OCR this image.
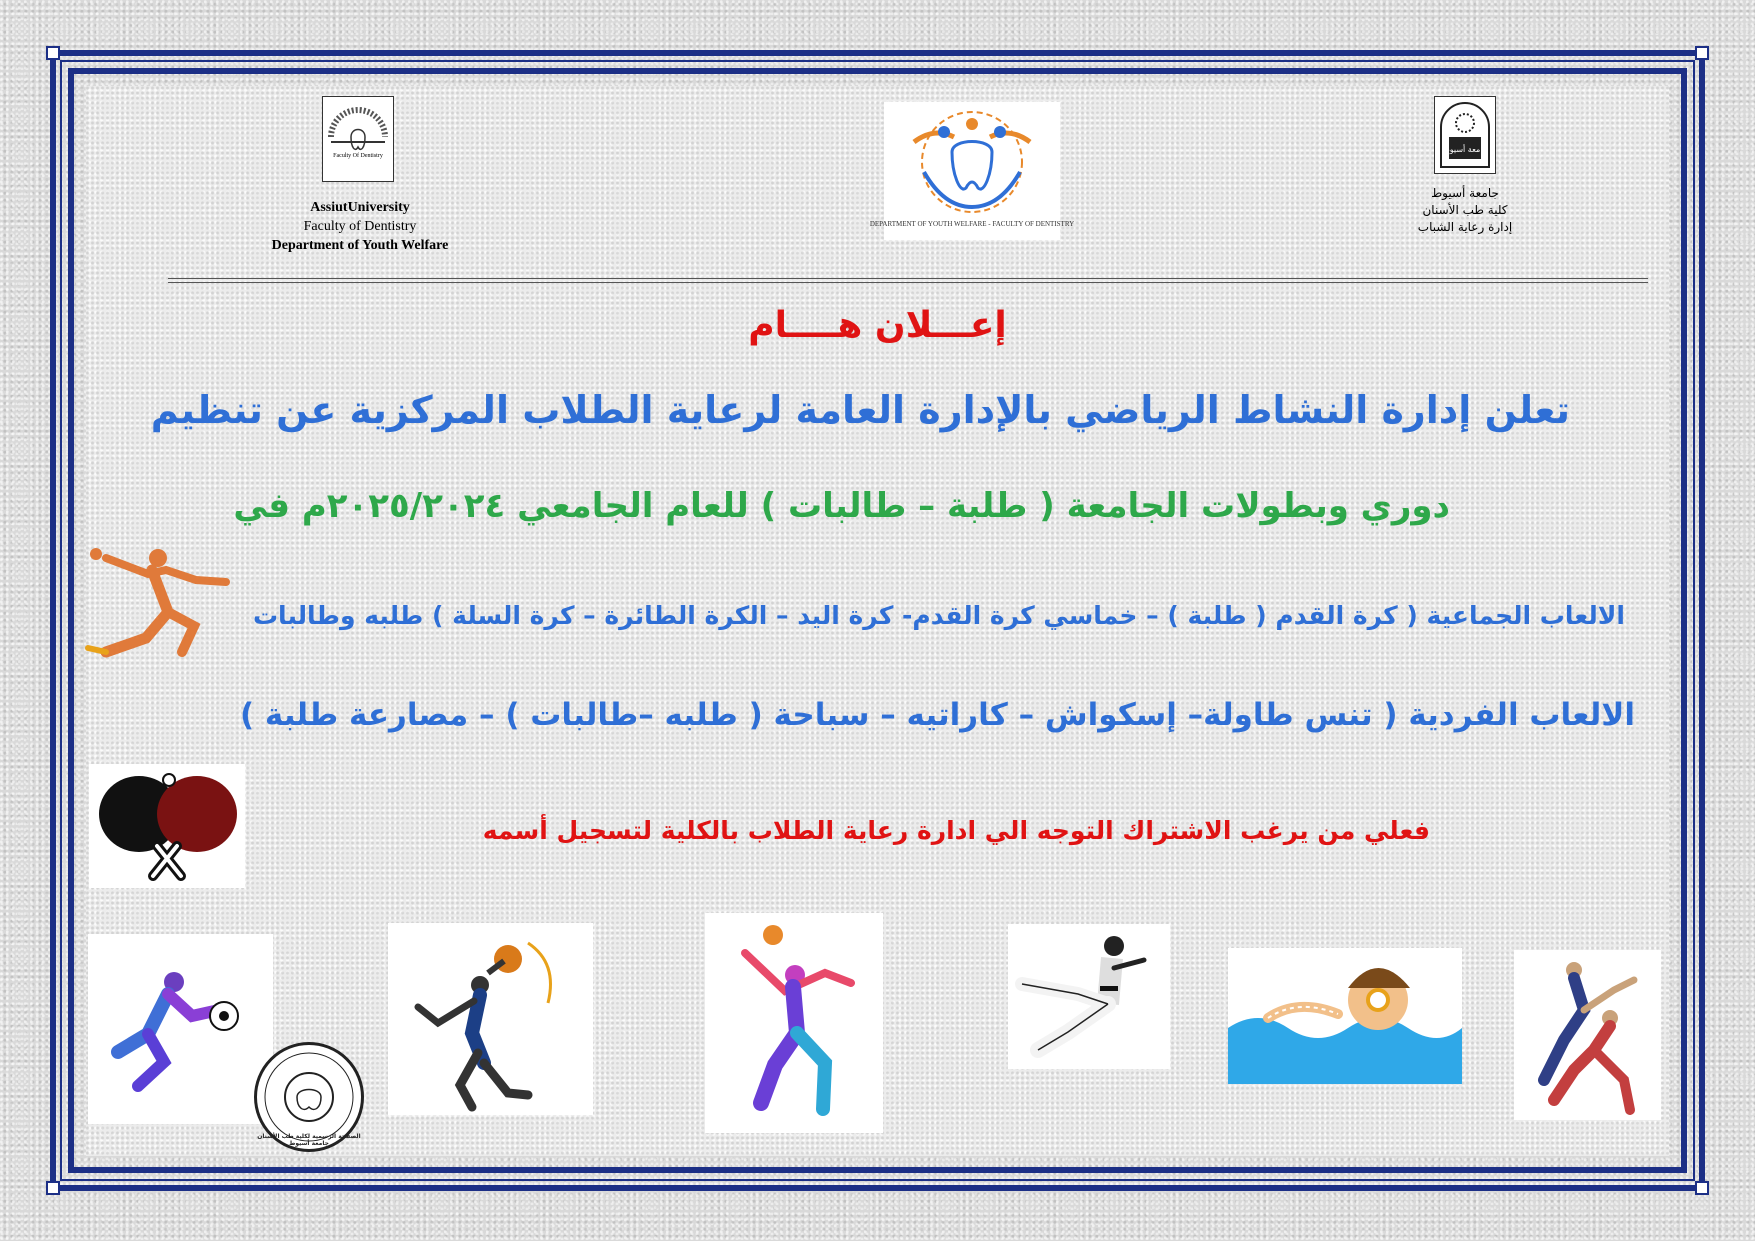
Faculty Of Dentistry
AssiutUniversity
Faculty of Dentistry
Department of Youth Welfare
DEPARTMENT OF YOUTH WELFARE - FACULTY OF DENTISTRY
جامعة أسيوط
جامعة أسيوط
كلية طب الأسنان
إدارة رعاية الشباب
إعـــلان هــــام
تعلن إدارة النشاط الرياضي بالإدارة العامة لرعاية الطلاب المركزية عن تنظيم
دوري وبطولات الجامعة ( طلبة – طالبات ) للعام الجامعي ٢٠٢٥/٢٠٢٤م في
الالعاب الجماعية ( كرة القدم ( طلبة ) – خماسي كرة القدم- كرة اليد – الكرة الطائرة – كرة السلة ) طلبه وطالبات
الالعاب الفردية ( تنس طاولة– إسكواش – كاراتيه – سباحة ( طلبه –طالبات ) – مصارعة طلبة )
فعلي من يرغب الاشتراك التوجه الي ادارة رعاية الطلاب بالكلية لتسجيل أسمه
الصفحة الرسمية لكلية طب الأسنان جامعة أسيوط
